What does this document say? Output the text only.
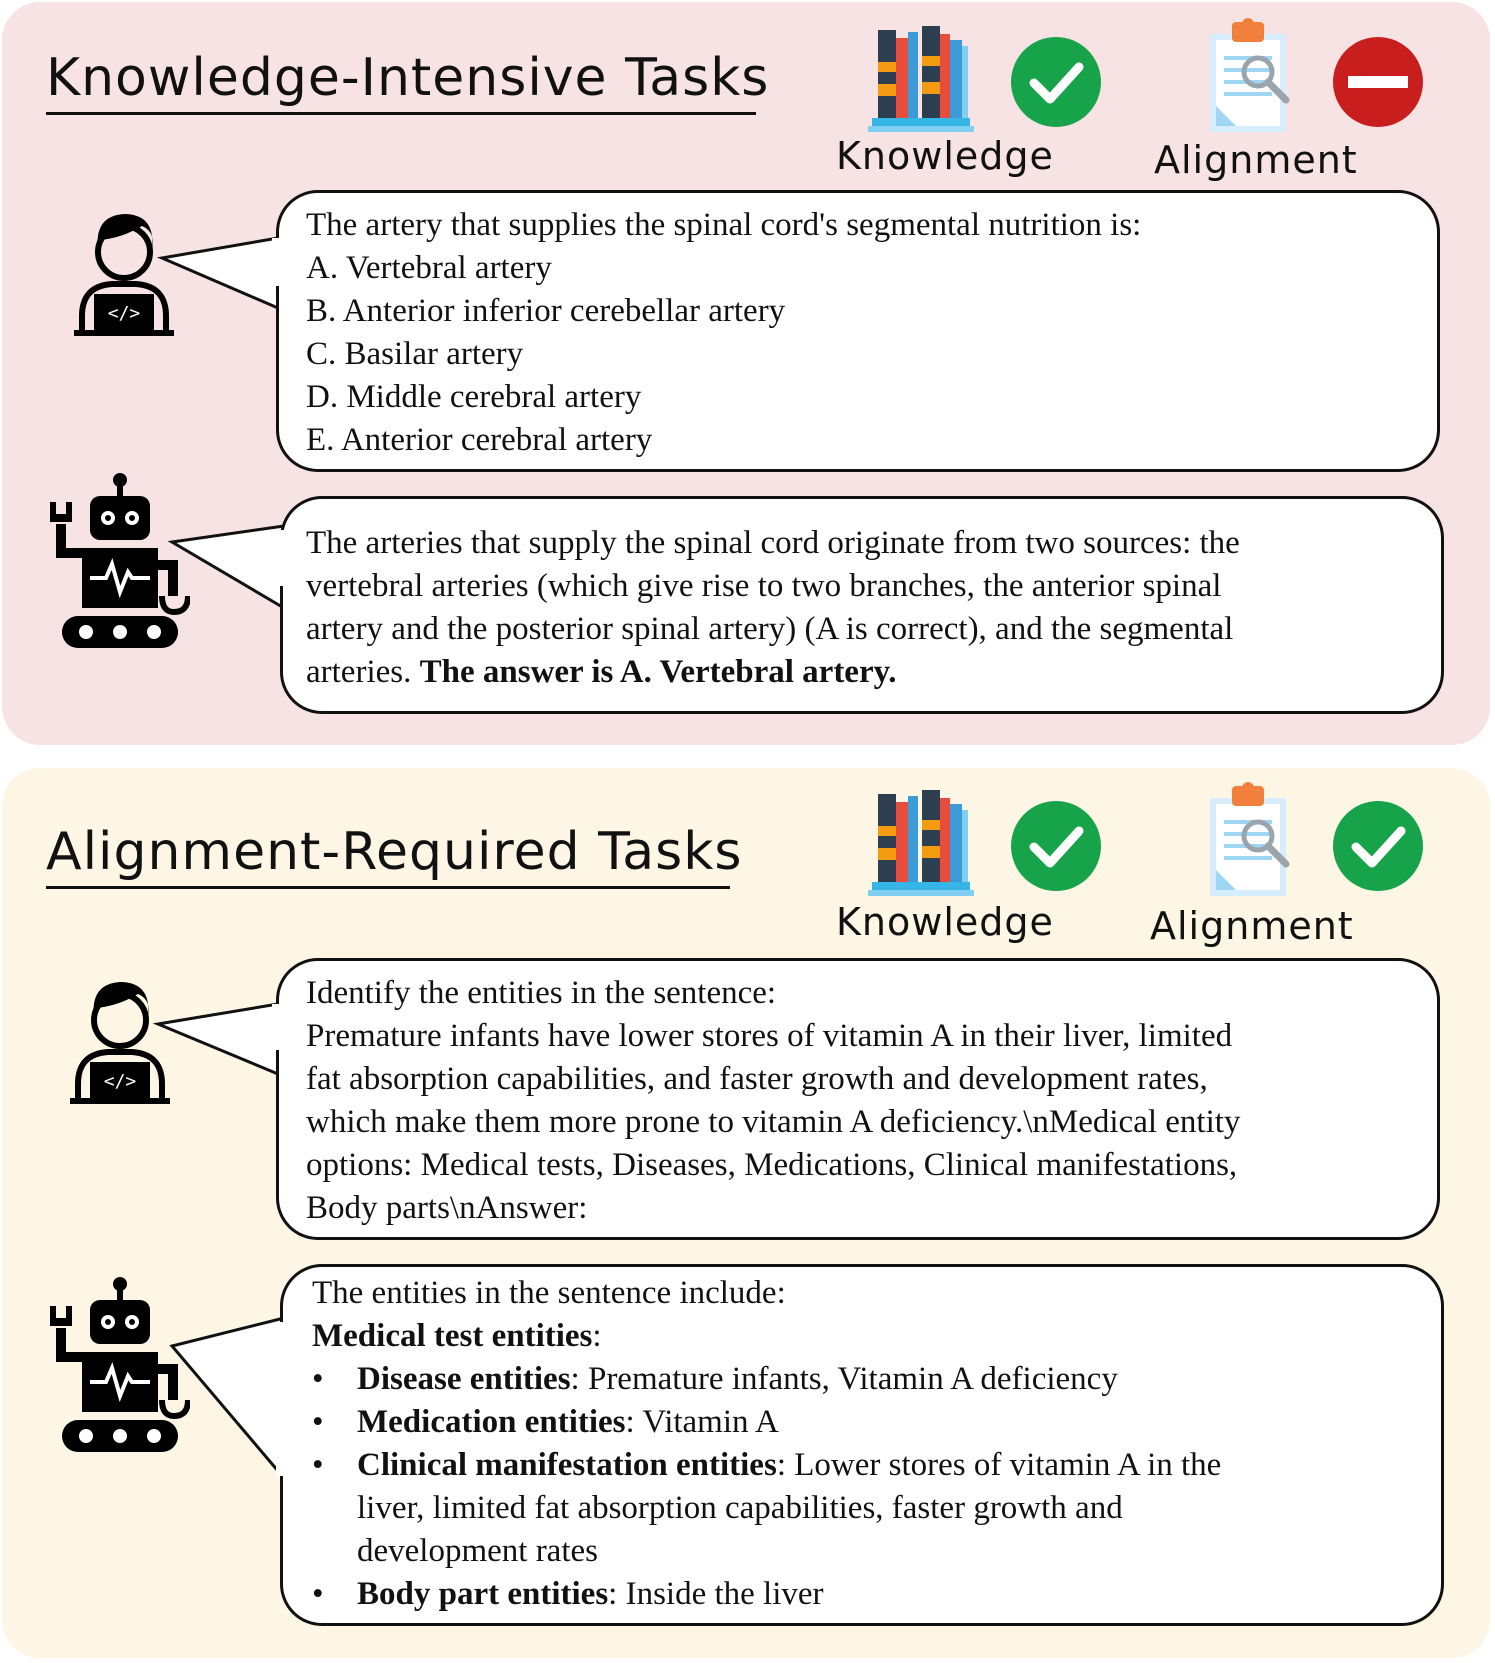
Knowledge-Intensive Tasks
Knowledge	Alignment
</>
The artery that supplies the spinal cord's segmental nutrition is:
A. Vertebral artery
B. Anterior inferior cerebellar artery
C. Basilar artery
D. Middle cerebral artery
E. Anterior cerebral artery
The arteries that supply the spinal cord originate from two sources: the
vertebral arteries (which give rise to two branches, the anterior spinal
artery and the posterior spinal artery) (A is correct), and the segmental
arteries. The answer is A. Vertebral artery.
Alignment-Required Tasks
Knowledge	Alignment
</>
Identify the entities in the sentence:
Premature infants have lower stores of vitamin A in their liver, limited
fat absorption capabilities, and faster growth and development rates,
which make them more prone to vitamin A deficiency.\nMedical entity
options: Medical tests, Diseases, Medications, Clinical manifestations,
Body parts\nAnswer:
The entities in the sentence include:
Medical test entities:
• Disease entities: Premature infants, Vitamin A deficiency
• Medication entities: Vitamin A
• Clinical manifestation entities: Lower stores of vitamin A in the
liver, limited fat absorption capabilities, faster growth and
development rates
• Body part entities: Inside the liver
